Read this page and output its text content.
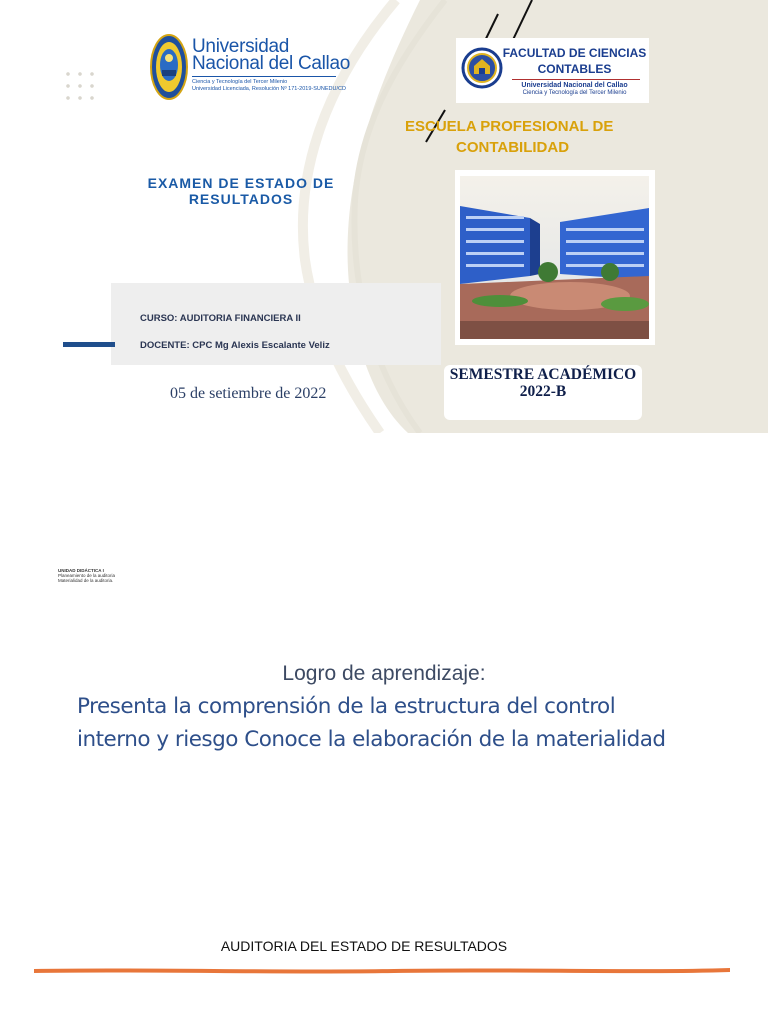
Universidad
Nacional del Callao
Ciencia y Tecnología del Tercer Milenio
Universidad Licenciada, Resolución Nº 171-2019-SUNEDU/CD
FACULTAD DE CIENCIAS
CONTABLES
Universidad Nacional del Callao
Ciencia y Tecnología del Tercer Milenio
ESCUELA PROFESIONAL DE
CONTABILIDAD
EXAMEN DE ESTADO DE RESULTADOS
CURSO: AUDITORIA FINANCIERA II
DOCENTE: CPC Mg Alexis Escalante Veliz
05 de setiembre de 2022
SEMESTRE ACADÉMICO 2022-B
UNIDAD DIDÁCTICA I
Planeamiento de la auditoria
Materialidad de la auditoria.
Logro de aprendizaje:
Presenta la comprensión de la estructura del control
interno y riesgo Conoce la elaboración de la materialidad
AUDITORIA DEL ESTADO DE RESULTADOS
